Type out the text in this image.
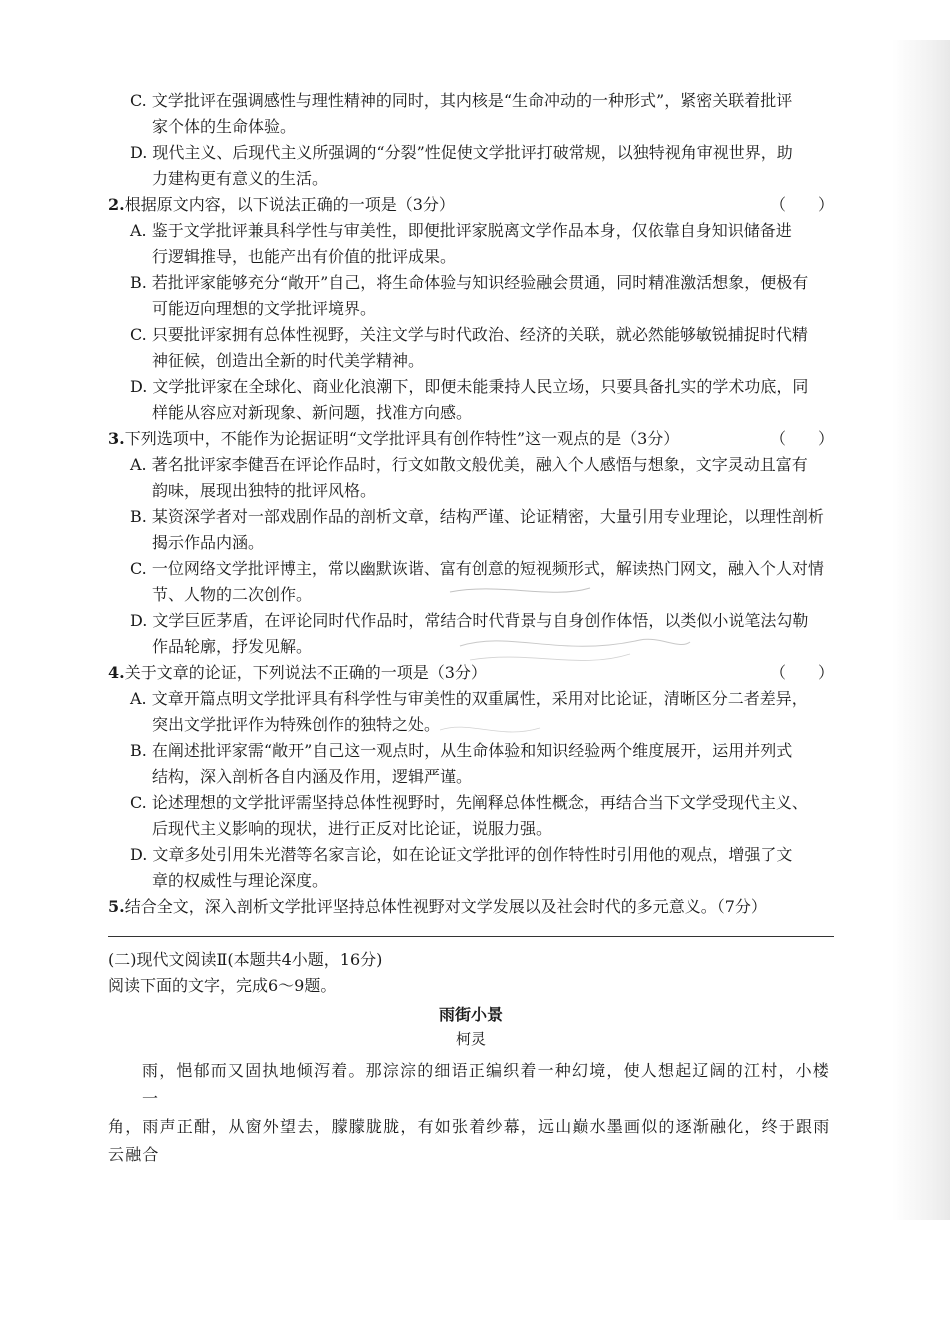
C. 文学批评在强调感性与理性精神的同时，其内核是“生命冲动的一种形式”，紧密关联着批评
家个体的生命体验。
D. 现代主义、后现代主义所强调的“分裂”性促使文学批评打破常规，以独特视角审视世界，助
力建构更有意义的生活。
2. 根据原文内容，以下说法正确的一项是（3分）	（　　）
A. 鉴于文学批评兼具科学性与审美性，即便批评家脱离文学作品本身，仅依靠自身知识储备进
行逻辑推导，也能产出有价值的批评成果。
B. 若批评家能够充分“敞开”自己，将生命体验与知识经验融会贯通，同时精准激活想象，便极有
可能迈向理想的文学批评境界。
C. 只要批评家拥有总体性视野，关注文学与时代政治、经济的关联，就必然能够敏锐捕捉时代精
神征候，创造出全新的时代美学精神。
D. 文学批评家在全球化、商业化浪潮下，即便未能秉持人民立场，只要具备扎实的学术功底，同
样能从容应对新现象、新问题，找准方向感。
3. 下列选项中，不能作为论据证明“文学批评具有创作特性”这一观点的是（3分）	（　　）
A. 著名批评家李健吾在评论作品时，行文如散文般优美，融入个人感悟与想象，文字灵动且富有
韵味，展现出独特的批评风格。
B. 某资深学者对一部戏剧作品的剖析文章，结构严谨、论证精密，大量引用专业理论，以理性剖析
揭示作品内涵。
C. 一位网络文学批评博主，常以幽默诙谐、富有创意的短视频形式，解读热门网文，融入个人对情
节、人物的二次创作。
D. 文学巨匠茅盾，在评论同时代作品时，常结合时代背景与自身创作体悟，以类似小说笔法勾勒
作品轮廓，抒发见解。
4. 关于文章的论证，下列说法不正确的一项是（3分）	（　　）
A. 文章开篇点明文学批评具有科学性与审美性的双重属性，采用对比论证，清晰区分二者差异，
突出文学批评作为特殊创作的独特之处。
B. 在阐述批评家需“敞开”自己这一观点时，从生命体验和知识经验两个维度展开，运用并列式
结构，深入剖析各自内涵及作用，逻辑严谨。
C. 论述理想的文学批评需坚持总体性视野时，先阐释总体性概念，再结合当下文学受现代主义、
后现代主义影响的现状，进行正反对比论证，说服力强。
D. 文章多处引用朱光潜等名家言论，如在论证文学批评的创作特性时引用他的观点，增强了文
章的权威性与理论深度。
5. 结合全文，深入剖析文学批评坚持总体性视野对文学发展以及社会时代的多元意义。（7分）
(二)现代文阅读Ⅱ(本题共4小题，16分)
阅读下面的文字，完成6～9题。
雨街小景
柯灵
雨，悒郁而又固执地倾泻着。那淙淙的细语正编织着一种幻境，使人想起辽阔的江村，小楼一
角，雨声正酣，从窗外望去，朦朦胧胧，有如张着纱幕，远山巅水墨画似的逐渐融化，终于跟雨云融合
